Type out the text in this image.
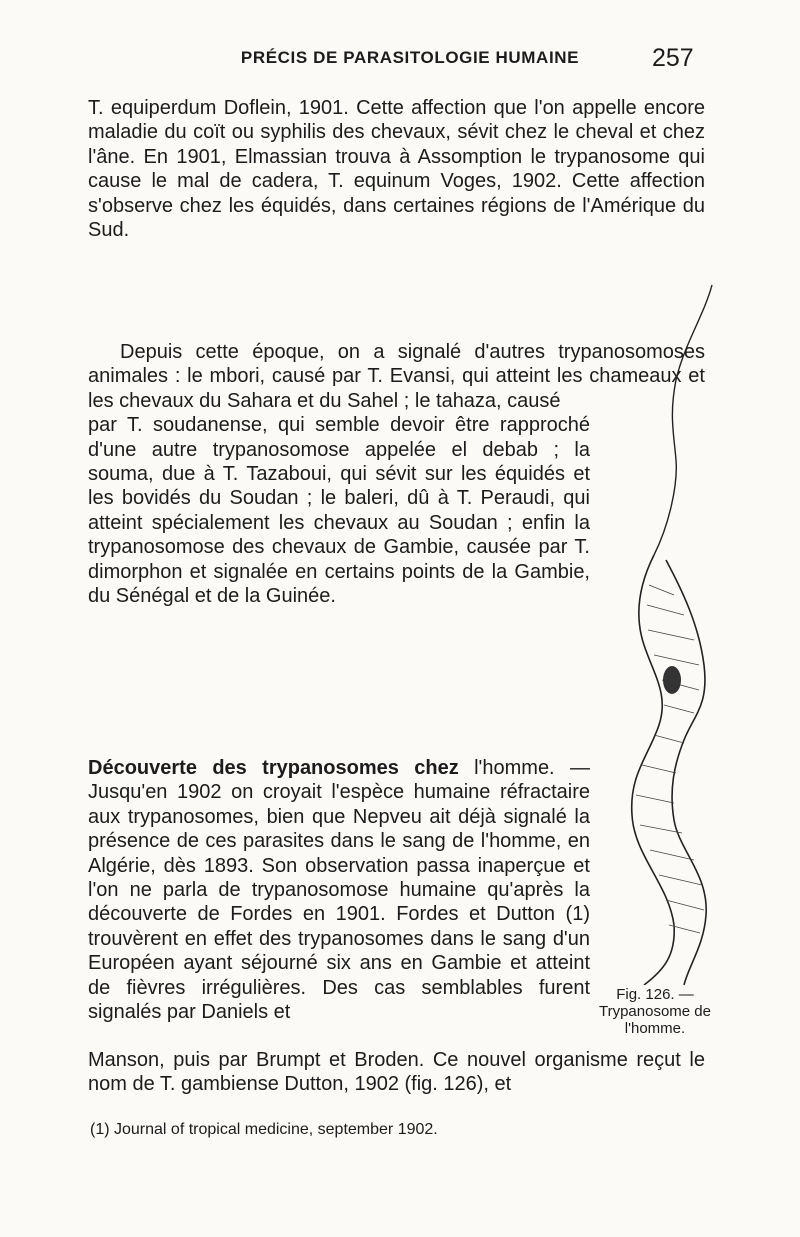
PRÉCIS DE PARASITOLOGIE HUMAINE	257

T. equiperdum Doflein, 1901. Cette affection que l'on appelle encore maladie du coït ou syphilis des chevaux, sévit chez le cheval et chez l'âne. En 1901, Elmassian trouva à Assomption le trypanosome qui cause le mal de cadera, T. equinum Voges, 1902. Cette affection s'observe chez les équidés, dans certaines régions de l'Amérique du Sud.

Depuis cette époque, on a signalé d'autres trypanosomoses animales : le mbori, causé par T. Evansi, qui atteint les chameaux et les chevaux du Sahara et du Sahel ; le tahaza, causé
par T. soudanense, qui semble devoir être rapproché d'une autre trypanosomose appelée el debab ; la souma, due à T. Tazaboui, qui sévit sur les équidés et les bovidés du Soudan ; le baleri, dû à T. Peraudi, qui atteint spécialement les chevaux au Soudan ; enfin la trypanosomose des chevaux de Gambie, causée par T. dimorphon et signalée en certains points de la Gambie, du Sénégal et de la Guinée.
Découverte des trypanosomes chez l'homme. — Jusqu'en 1902 on croyait l'espèce humaine réfractaire aux trypanosomes, bien que Nepveu ait déjà signalé la présence de ces parasites dans le sang de l'homme, en Algérie, dès 1893. Son observation passa inaperçue et l'on ne parla de trypanosomose humaine qu'après la découverte de Fordes en 1901. Fordes et Dutton (1) trouvèrent en effet des trypanosomes dans le sang d'un Européen ayant séjourné six ans en Gambie et atteint de fièvres irrégulières. Des cas semblables furent signalés par Daniels et

Manson, puis par Brumpt et Broden. Ce nouvel organisme reçut le nom de T. gambiense Dutton, 1902 (fig. 126), et

Fig. 126. — Trypanosome de l'homme.
(1) Journal of tropical medicine, september 1902.
